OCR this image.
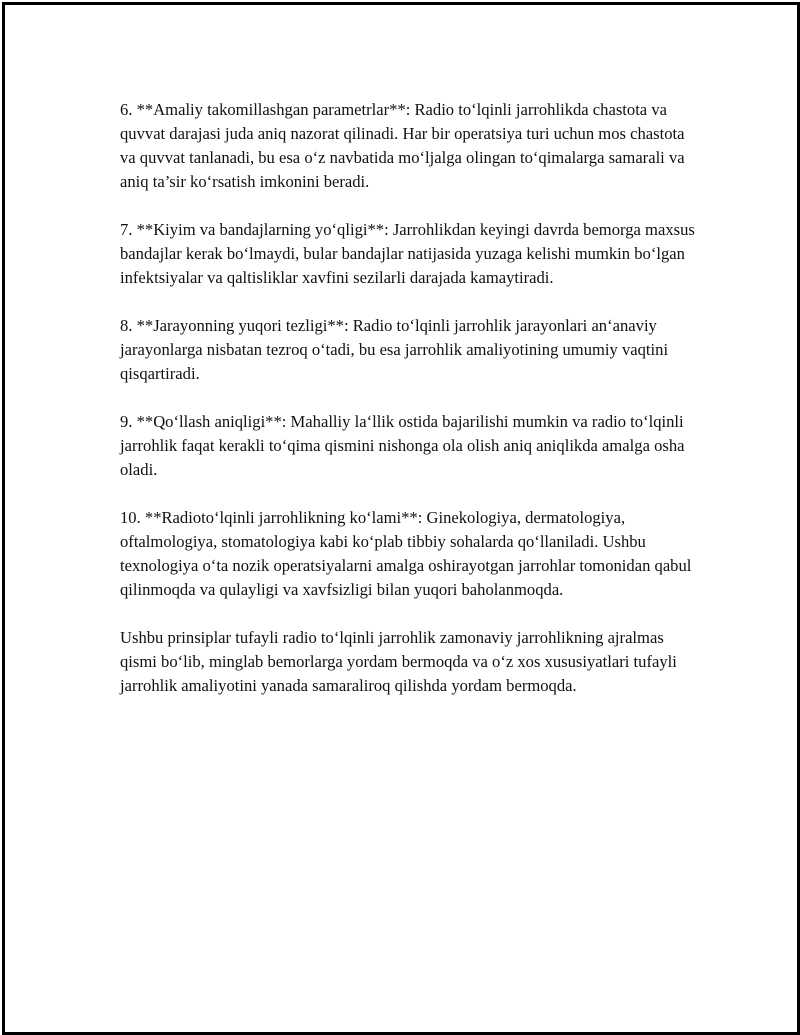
6. **Amaliy takomillashgan parametrlar**: Radio to‘lqinli jarrohlikda chastota va quvvat darajasi juda aniq nazorat qilinadi. Har bir operatsiya turi uchun mos chastota va quvvat tanlanadi, bu esa o‘z navbatida mo‘ljalga olingan to‘qimalarga samarali va aniq ta’sir ko‘rsatish imkonini beradi.

7. **Kiyim va bandajlarning yo‘qligi**: Jarrohlikdan keyingi davrda bemorga maxsus bandajlar kerak bo‘lmaydi, bular bandajlar natijasida yuzaga kelishi mumkin bo‘lgan infektsiyalar va qaltisliklar xavfini sezilarli darajada kamaytiradi.

8. **Jarayonning yuqori tezligi**: Radio to‘lqinli jarrohlik jarayonlari an‘anaviy jarayonlarga nisbatan tezroq o‘tadi, bu esa jarrohlik amaliyotining umumiy vaqtini qisqartiradi.

9. **Qo‘llash aniqligi**: Mahalliy la‘llik ostida bajarilishi mumkin va radio to‘lqinli jarrohlik faqat kerakli to‘qima qismini nishonga ola olish aniq aniqlikda amalga osha oladi.

10. **Radioto‘lqinli jarrohlikning ko‘lami**: Ginekologiya, dermatologiya, oftalmologiya, stomatologiya kabi ko‘plab tibbiy sohalarda qo‘llaniladi. Ushbu texnologiya o‘ta nozik operatsiyalarni amalga oshirayotgan jarrohlar tomonidan qabul qilinmoqda va qulayligi va xavfsizligi bilan yuqori baholanmoqda.

Ushbu prinsiplar tufayli radio to‘lqinli jarrohlik zamonaviy jarrohlikning ajralmas qismi bo‘lib, minglab bemorlarga yordam bermoqda va o‘z xos xususiyatlari tufayli jarrohlik amaliyotini yanada samaraliroq qilishda yordam bermoqda.
